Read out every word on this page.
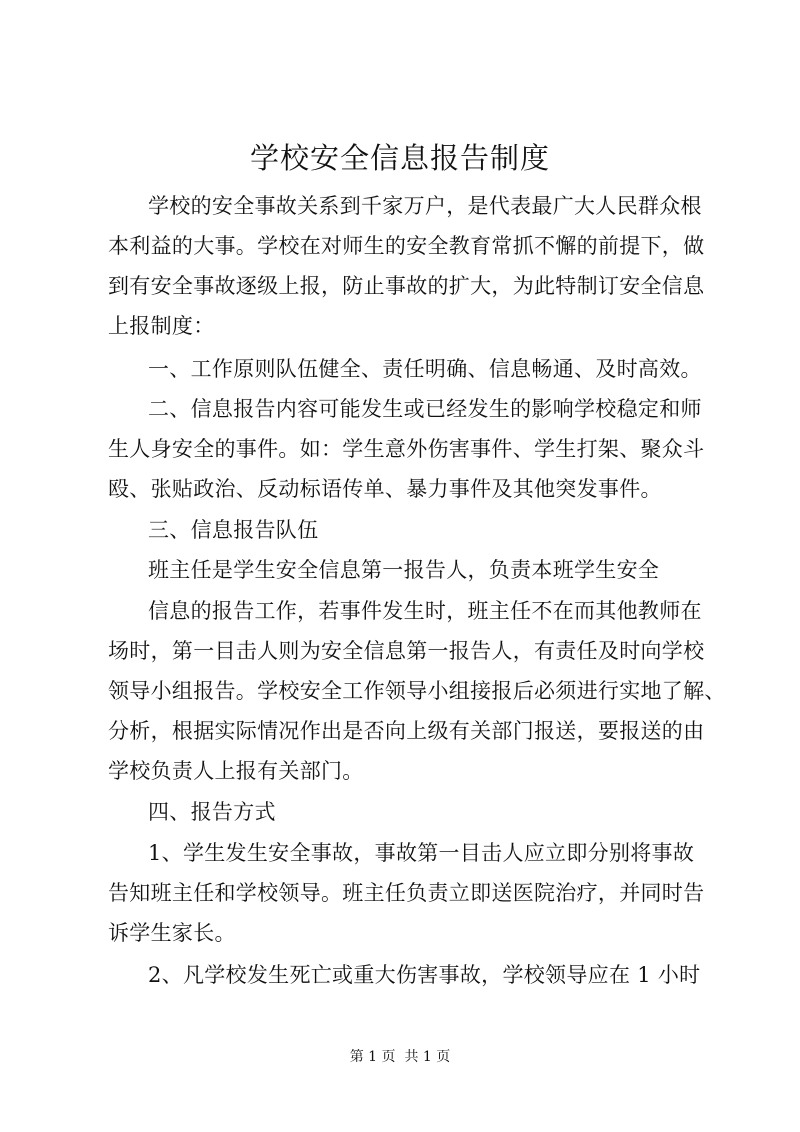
学校安全信息报告制度
学校的安全事故关系到千家万户，是代表最广大人民群众根
本利益的大事。学校在对师生的安全教育常抓不懈的前提下，做
到有安全事故逐级上报，防止事故的扩大，为此特制订安全信息
上报制度：
一、工作原则队伍健全、责任明确、信息畅通、及时高效。
二、信息报告内容可能发生或已经发生的影响学校稳定和师
生人身安全的事件。如：学生意外伤害事件、学生打架、聚众斗
殴、张贴政治、反动标语传单、暴力事件及其他突发事件。
三、信息报告队伍
班主任是学生安全信息第一报告人，负责本班学生安全
信息的报告工作，若事件发生时，班主任不在而其他教师在
场时，第一目击人则为安全信息第一报告人，有责任及时向学校
领导小组报告。学校安全工作领导小组接报后必须进行实地了解、
分析，根据实际情况作出是否向上级有关部门报送，要报送的由
学校负责人上报有关部门。
四、报告方式
1、学生发生安全事故，事故第一目击人应立即分别将事故
告知班主任和学校领导。班主任负责立即送医院治疗，并同时告
诉学生家长。
2、凡学校发生死亡或重大伤害事故，学校领导应在 1 小时
第 1 页  共 1 页
